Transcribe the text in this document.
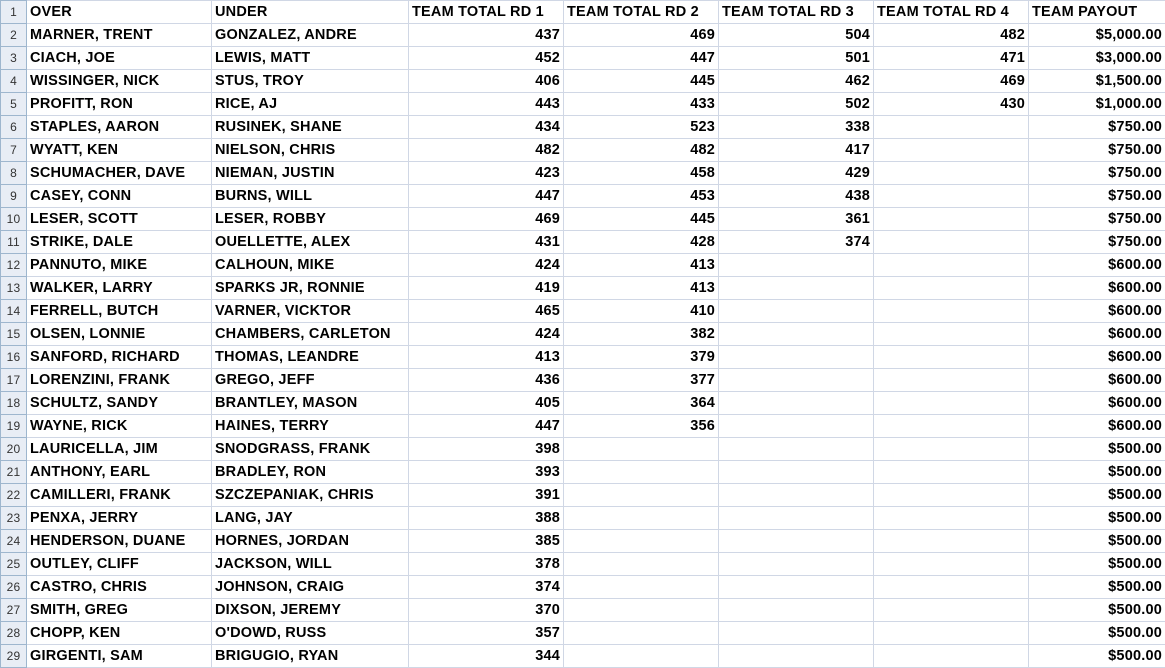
1	OVER	UNDER	TEAM TOTAL RD 1	TEAM TOTAL RD 2	TEAM TOTAL RD 3	TEAM TOTAL RD 4	TEAM PAYOUT
2	MARNER, TRENT	GONZALEZ, ANDRE	437	469	504	482	$5,000.00
3	CIACH, JOE	LEWIS, MATT	452	447	501	471	$3,000.00
4	WISSINGER, NICK	STUS, TROY	406	445	462	469	$1,500.00
5	PROFITT, RON	RICE, AJ	443	433	502	430	$1,000.00
6	STAPLES, AARON	RUSINEK, SHANE	434	523	338		$750.00
7	WYATT, KEN	NIELSON, CHRIS	482	482	417		$750.00
8	SCHUMACHER, DAVE	NIEMAN, JUSTIN	423	458	429		$750.00
9	CASEY, CONN	BURNS, WILL	447	453	438		$750.00
10	LESER, SCOTT	LESER, ROBBY	469	445	361		$750.00
11	STRIKE, DALE	OUELLETTE, ALEX	431	428	374		$750.00
12	PANNUTO, MIKE	CALHOUN, MIKE	424	413			$600.00
13	WALKER, LARRY	SPARKS JR, RONNIE	419	413			$600.00
14	FERRELL, BUTCH	VARNER, VICKTOR	465	410			$600.00
15	OLSEN, LONNIE	CHAMBERS, CARLETON	424	382			$600.00
16	SANFORD, RICHARD	THOMAS, LEANDRE	413	379			$600.00
17	LORENZINI, FRANK	GREGO, JEFF	436	377			$600.00
18	SCHULTZ, SANDY	BRANTLEY, MASON	405	364			$600.00
19	WAYNE, RICK	HAINES, TERRY	447	356			$600.00
20	LAURICELLA, JIM	SNODGRASS, FRANK	398				$500.00
21	ANTHONY, EARL	BRADLEY, RON	393				$500.00
22	CAMILLERI, FRANK	SZCZEPANIAK, CHRIS	391				$500.00
23	PENXA, JERRY	LANG, JAY	388				$500.00
24	HENDERSON, DUANE	HORNES, JORDAN	385				$500.00
25	OUTLEY, CLIFF	JACKSON, WILL	378				$500.00
26	CASTRO, CHRIS	JOHNSON, CRAIG	374				$500.00
27	SMITH, GREG	DIXSON, JEREMY	370				$500.00
28	CHOPP, KEN	O'DOWD, RUSS	357				$500.00
29	GIRGENTI, SAM	BRIGUGIO, RYAN	344				$500.00
